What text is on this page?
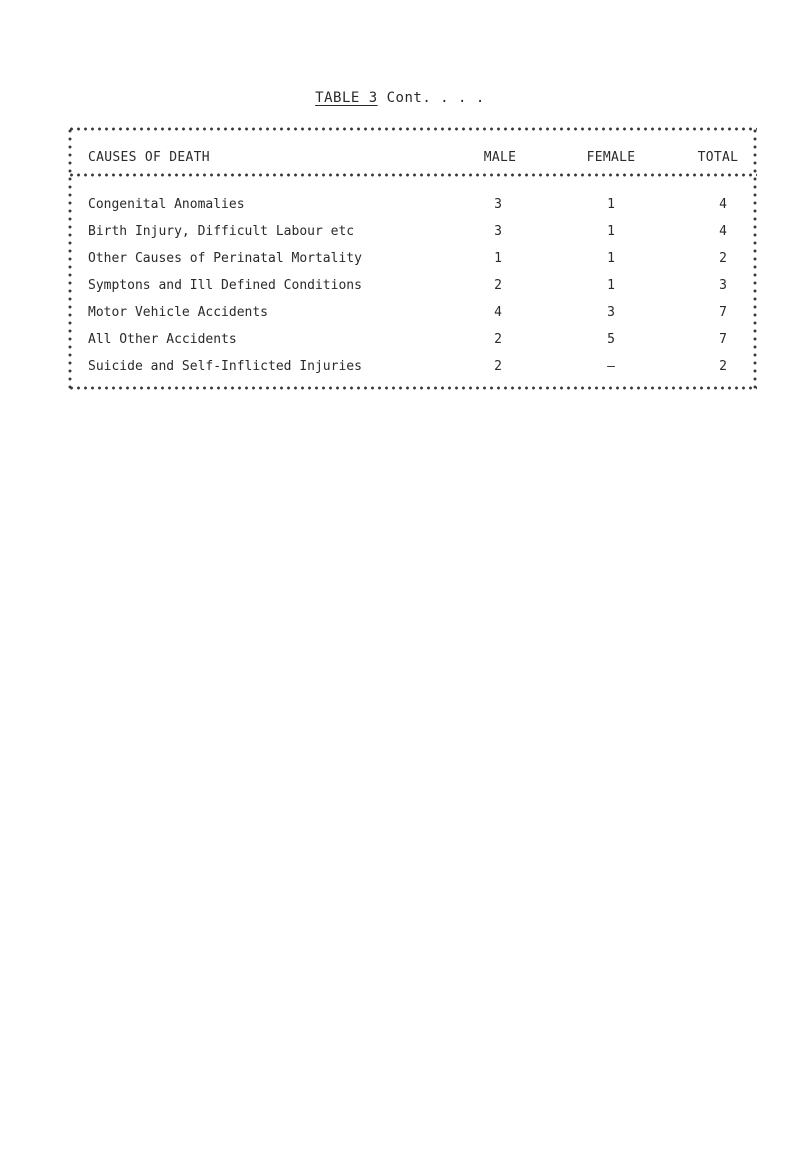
TABLE 3 Cont. . . .
CAUSES OF DEATH	MALE	FEMALE	TOTAL
Congenital Anomalies	3	1	4
Birth Injury, Difficult Labour etc	3	1	4
Other Causes of Perinatal Mortality	1	1	2
Symptons and Ill Defined Conditions	2	1	3
Motor Vehicle Accidents	4	3	7
All Other Accidents	2	5	7
Suicide and Self-Inflicted Injuries	2	–	2
